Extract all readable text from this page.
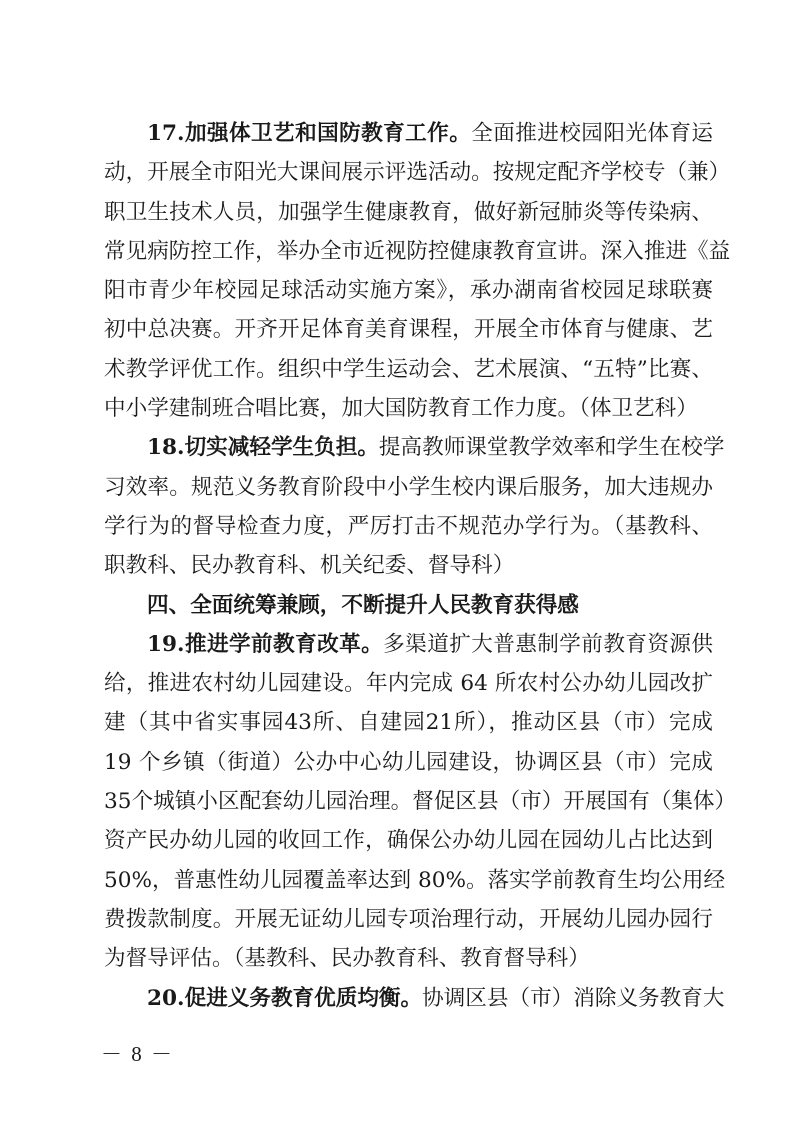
17.加强体卫艺和国防教育工作。全面推进校园阳光体育运
动，开展全市阳光大课间展示评选活动。按规定配齐学校专（兼）
职卫生技术人员，加强学生健康教育，做好新冠肺炎等传染病、
常见病防控工作，举办全市近视防控健康教育宣讲。深入推进《益
阳市青少年校园足球活动实施方案》，承办湖南省校园足球联赛
初中总决赛。开齐开足体育美育课程，开展全市体育与健康、艺
术教学评优工作。组织中学生运动会、艺术展演、“五特”比赛、
中小学建制班合唱比赛，加大国防教育工作力度。（体卫艺科）
18.切实减轻学生负担。提高教师课堂教学效率和学生在校学
习效率。规范义务教育阶段中小学生校内课后服务，加大违规办
学行为的督导检查力度，严厉打击不规范办学行为。（基教科、
职教科、民办教育科、机关纪委、督导科）
四、全面统筹兼顾，不断提升人民教育获得感
19.推进学前教育改革。多渠道扩大普惠制学前教育资源供
给，推进农村幼儿园建设。年内完成 64 所农村公办幼儿园改扩
建（其中省实事园43所、自建园21所），推动区县（市）完成
19 个乡镇（街道）公办中心幼儿园建设，协调区县（市）完成
35个城镇小区配套幼儿园治理。督促区县（市）开展国有（集体）
资产民办幼儿园的收回工作，确保公办幼儿园在园幼儿占比达到
50%，普惠性幼儿园覆盖率达到 80%。落实学前教育生均公用经
费拨款制度。开展无证幼儿园专项治理行动，开展幼儿园办园行
为督导评估。（基教科、民办教育科、教育督导科）
20.促进义务教育优质均衡。协调区县（市）消除义务教育大
－ 8 －
